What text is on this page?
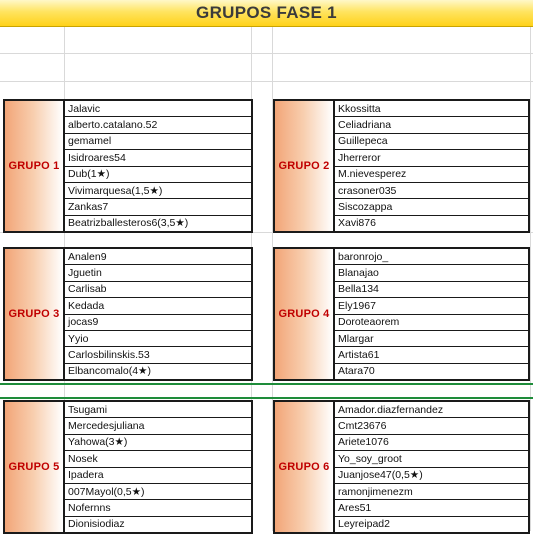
GRUPOS FASE 1
GRUPO 1
Jalavic
alberto.catalano.52
gemamel
Isidroares54
Dub(1★)
Vivimarquesa(1,5★)
Zankas7
Beatrizballesteros6(3,5★)
GRUPO 2
Kkossitta
Celiadriana
Guillepeca
Jherreror
M.nievesperez
crasoner035
Siscozappa
Xavi876
GRUPO 3
Analen9
Jguetin
Carlisab
Kedada
jocas9
Yyio
Carlosbilinskis.53
Elbancomalo(4★)
GRUPO 4
baronrojo_
Blanajao
Bella134
Ely1967
Doroteaorem
Mlargar
Artista61
Atara70
GRUPO 5
Tsugami
Mercedesjuliana
Yahowa(3★)
Nosek
Ipadera
007Mayol(0,5★)
Nofernns
Dionisiodiaz
GRUPO 6
Amador.diazfernandez
Cmt23676
Ariete1076
Yo_soy_groot
Juanjose47(0,5★)
ramonjimenezm
Ares51
Leyreipad2
